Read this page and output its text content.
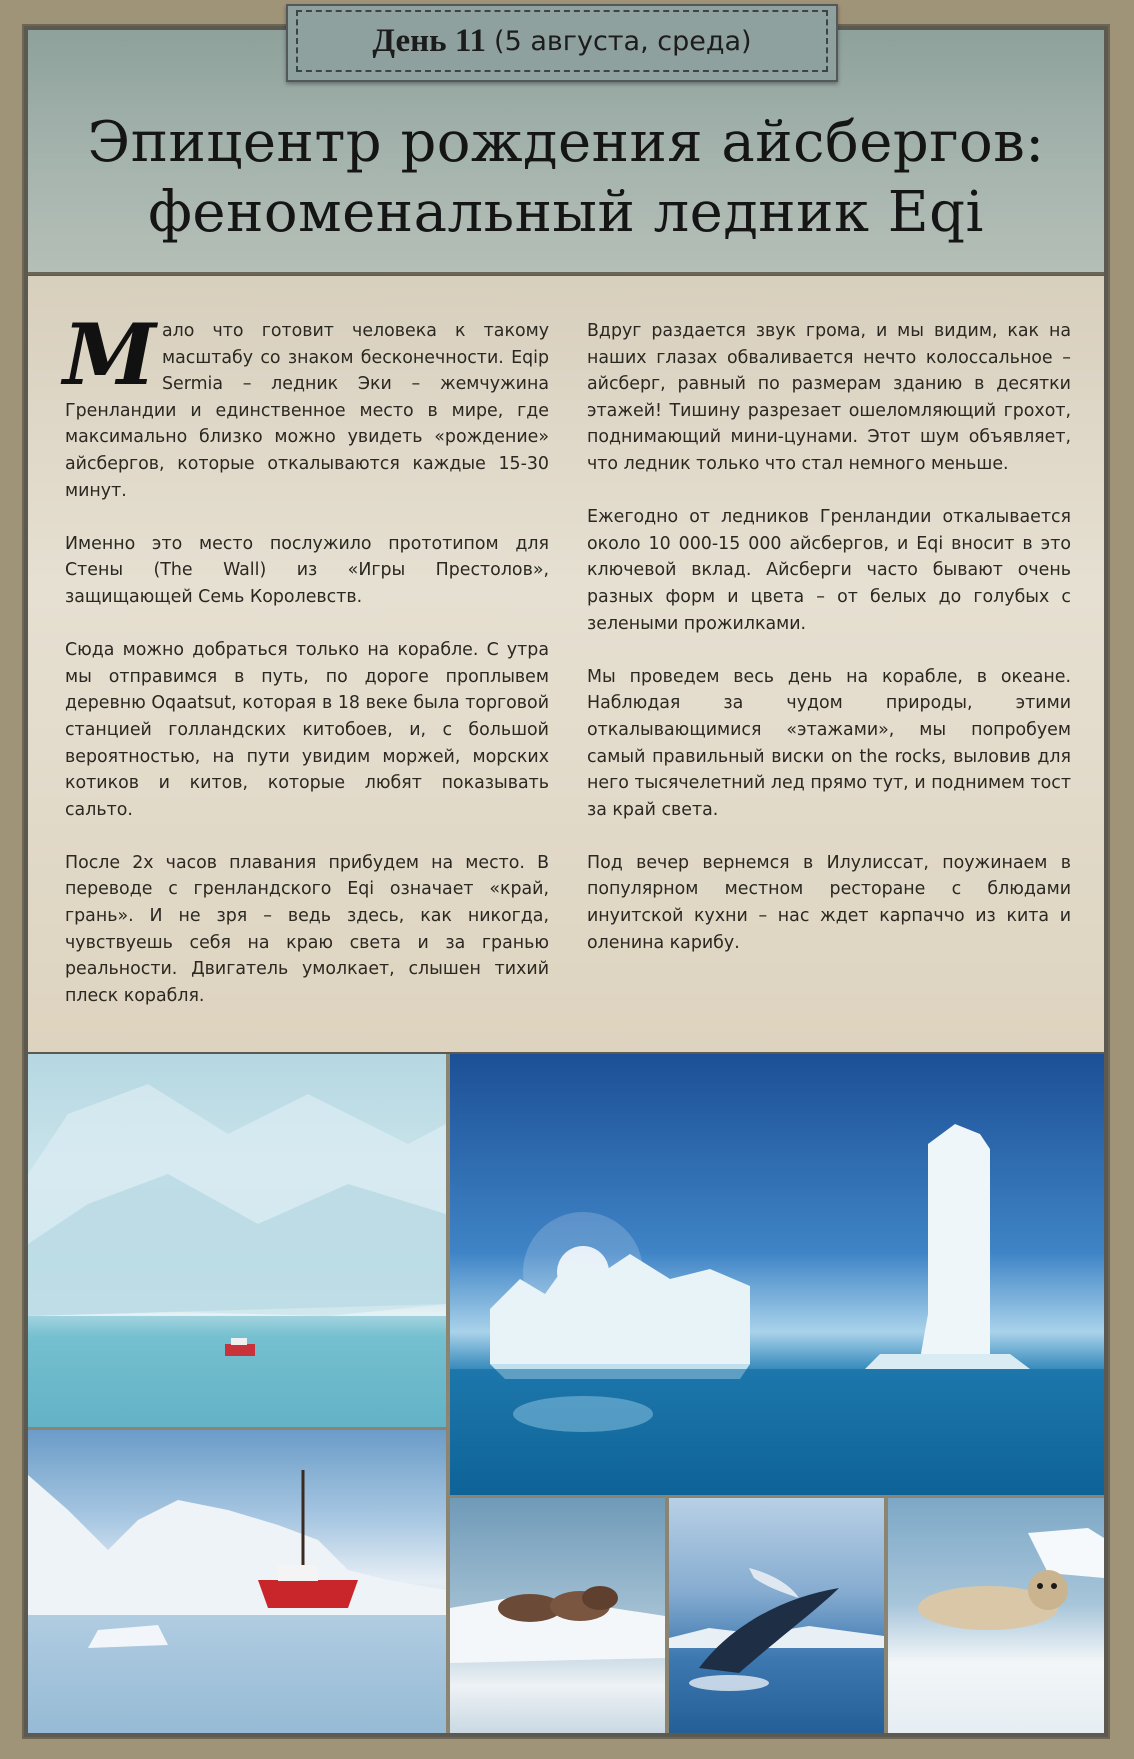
День 11 (5 августа, среда)
Эпицентр рождения айсбергов:
феноменальный ледник Eqi

Мало что готовит человека к такому масштабу со знаком бесконечности. Eqip Sermia – ледник Эки – жемчужина Гренландии и единственное место в мире, где максимально близко можно увидеть «рождение» айсбергов, которые откалываются каждые 15-30 минут.

Именно это место послужило прототипом для Стены (The Wall) из «Игры Престолов», защищающей Семь Королевств.

Сюда можно добраться только на корабле. С утра мы отправимся в путь, по дороге проплывем деревню Oqaatsut, которая в 18 веке была торговой станцией голландских китобоев, и, с большой вероятностью, на пути увидим моржей, морских котиков и китов, которые любят показывать сальто.

После 2х часов плавания прибудем на место. В переводе с гренландского Eqi означает «край, грань». И не зря – ведь здесь, как никогда, чувствуешь себя на краю света и за гранью реальности. Двигатель умолкает, слышен тихий плеск корабля.

Вдруг раздается звук грома, и мы видим, как на наших глазах обваливается нечто колоссальное – айсберг, равный по размерам зданию в десятки этажей! Тишину разрезает ошеломляющий грохот, поднимающий мини-цунами. Этот шум объявляет, что ледник только что стал немного меньше.

Ежегодно от ледников Гренландии откалывается около 10 000-15 000 айсбергов, и Eqi вносит в это ключевой вклад. Айсберги часто бывают очень разных форм и цвета – от белых до голубых с зелеными прожилками.

Мы проведем весь день на корабле, в океане. Наблюдая за чудом природы, этими откалывающимися «этажами», мы попробуем самый правильный виски on the rocks, выловив для него тысячелетний лед прямо тут, и поднимем тост за край света.

Под вечер вернемся в Илулиссат, поужинаем в популярном местном ресторане с блюдами инуитской кухни – нас ждет карпаччо из кита и оленина карибу.
